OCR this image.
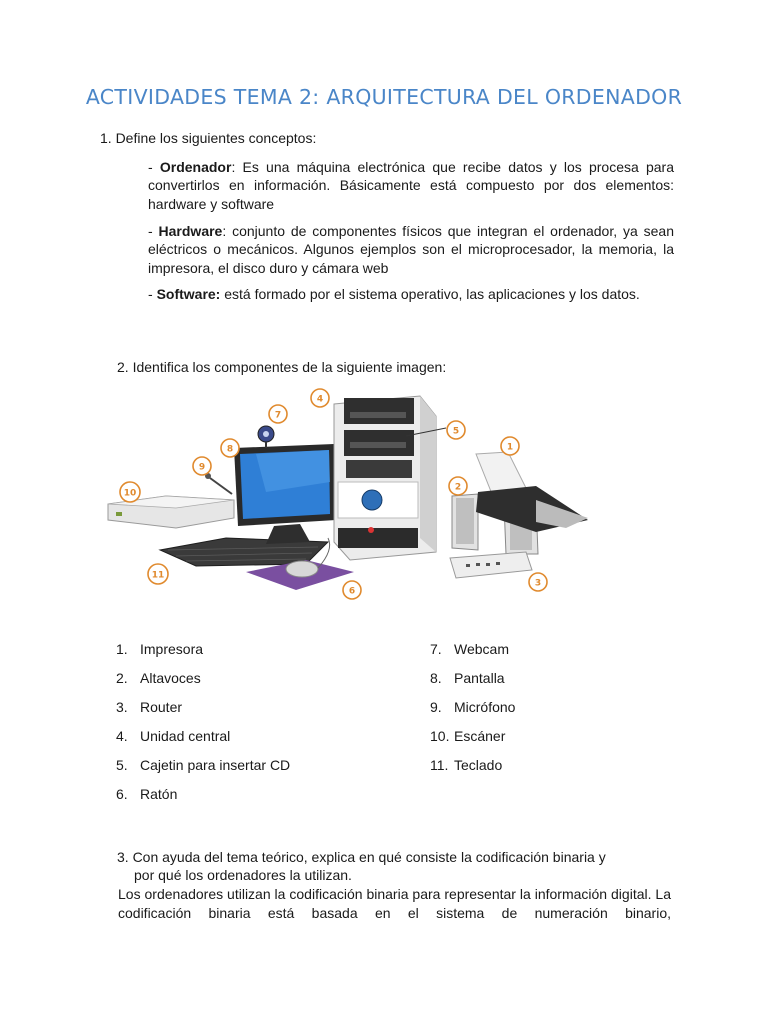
ACTIVIDADES TEMA 2: ARQUITECTURA DEL ORDENADOR
1. Define los siguientes conceptos:
- Ordenador: Es una máquina electrónica que recibe datos y los procesa para convertirlos en información. Básicamente está compuesto por dos elementos: hardware y software
- Hardware: conjunto de componentes físicos que integran el ordenador, ya sean eléctricos o mecánicos. Algunos ejemplos son el microprocesador, la memoria, la impresora, el disco duro y cámara web
- Software: está formado por el sistema operativo, las aplicaciones y los datos.
2. Identifica los componentes de la siguiente imagen:
1
2
3
4
5
6
7
8
9
10
11
1. Impresora
2. Altavoces
3. Router
4. Unidad central
5. Cajetin para insertar CD
6. Ratón
7. Webcam
8. Pantalla
9. Micrófono
10. Escáner
11. Teclado
3. Con ayuda del tema teórico, explica en qué consiste la codificación binaria y
por qué los ordenadores la utilizan.
Los ordenadores utilizan la codificación binaria para representar la información digital. La codificación binaria está basada en el sistema de numeración binario,
